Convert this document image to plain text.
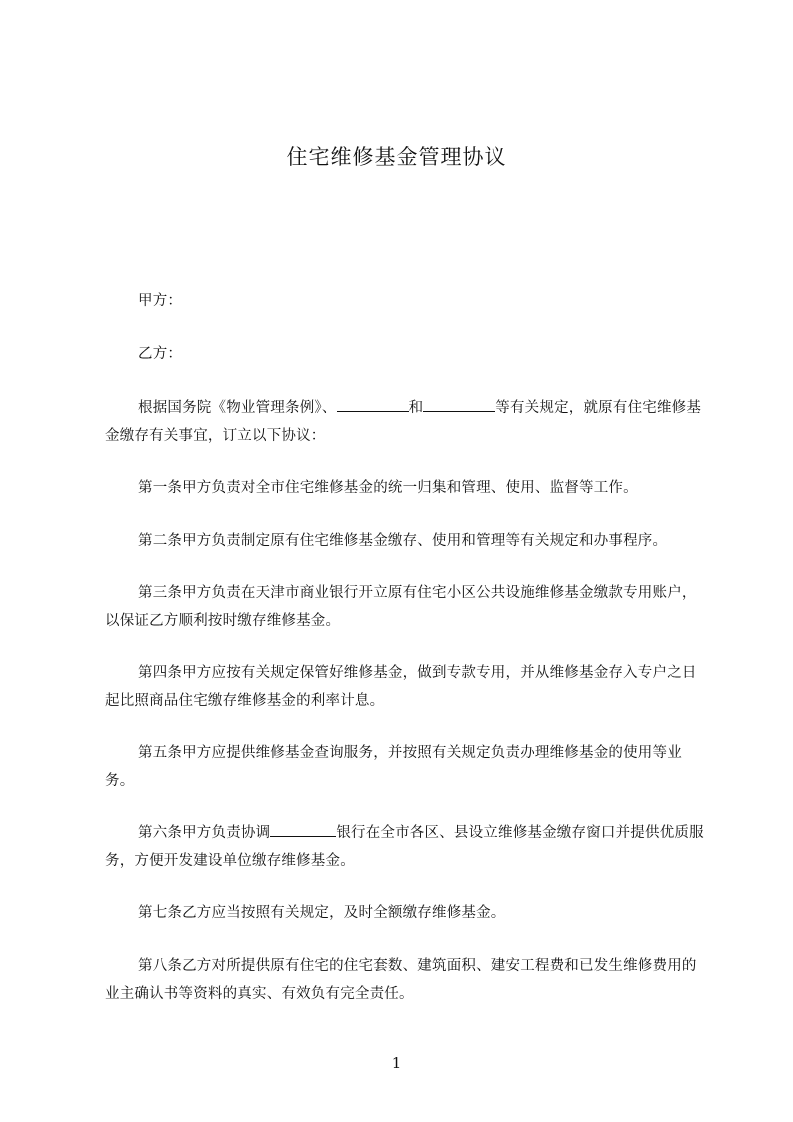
住宅维修基金管理协议

甲方：

乙方：

根据国务院《物业管理条例》、	和	等有关规定，就原有住宅维修基金缴存有关事宜，订立以下协议：

第一条甲方负责对全市住宅维修基金的统一归集和管理、使用、监督等工作。

第二条甲方负责制定原有住宅维修基金缴存、使用和管理等有关规定和办事程序。

第三条甲方负责在天津市商业银行开立原有住宅小区公共设施维修基金缴款专用账户，以保证乙方顺利按时缴存维修基金。

第四条甲方应按有关规定保管好维修基金，做到专款专用，并从维修基金存入专户之日起比照商品住宅缴存维修基金的利率计息。

第五条甲方应提供维修基金查询服务，并按照有关规定负责办理维修基金的使用等业务。

第六条甲方负责协调	银行在全市各区、县设立维修基金缴存窗口并提供优质服务，方便开发建设单位缴存维修基金。

第七条乙方应当按照有关规定，及时全额缴存维修基金。

第八条乙方对所提供原有住宅的住宅套数、建筑面积、建安工程费和已发生维修费用的业主确认书等资料的真实、有效负有完全责任。

1
